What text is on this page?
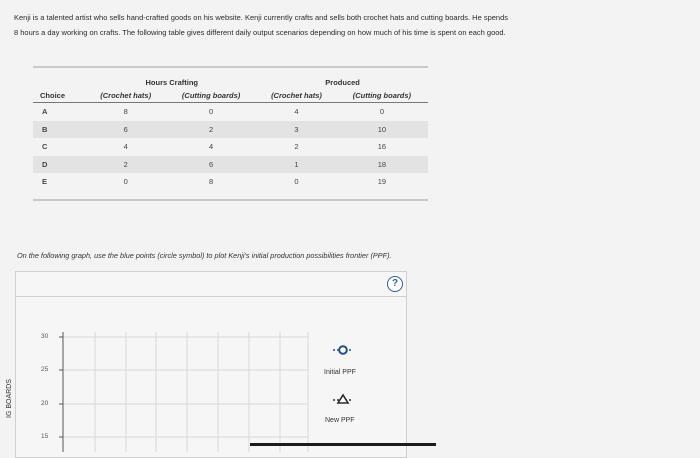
Kenji is a talented artist who sells hand-crafted goods on his website. Kenji currently crafts and sells both crochet hats and cutting boards. He spends
8 hours a day working on crafts. The following table gives different daily output scenarios depending on how much of his time is spent on each good.
	Hours Crafting		Produced	
Choice	(Crochet hats)	(Cutting boards)	(Crochet hats)	(Cutting boards)
A	8	0	4	0
B	6	2	3	10
C	4	4	2	16
D	2	6	1	18
E	0	8	0	19
On the following graph, use the blue points (circle symbol) to plot Kenji's initial production possibilities frontier (PPF).
?
30
25
20
15
IG BOARDS
Initial PPF
New PPF
